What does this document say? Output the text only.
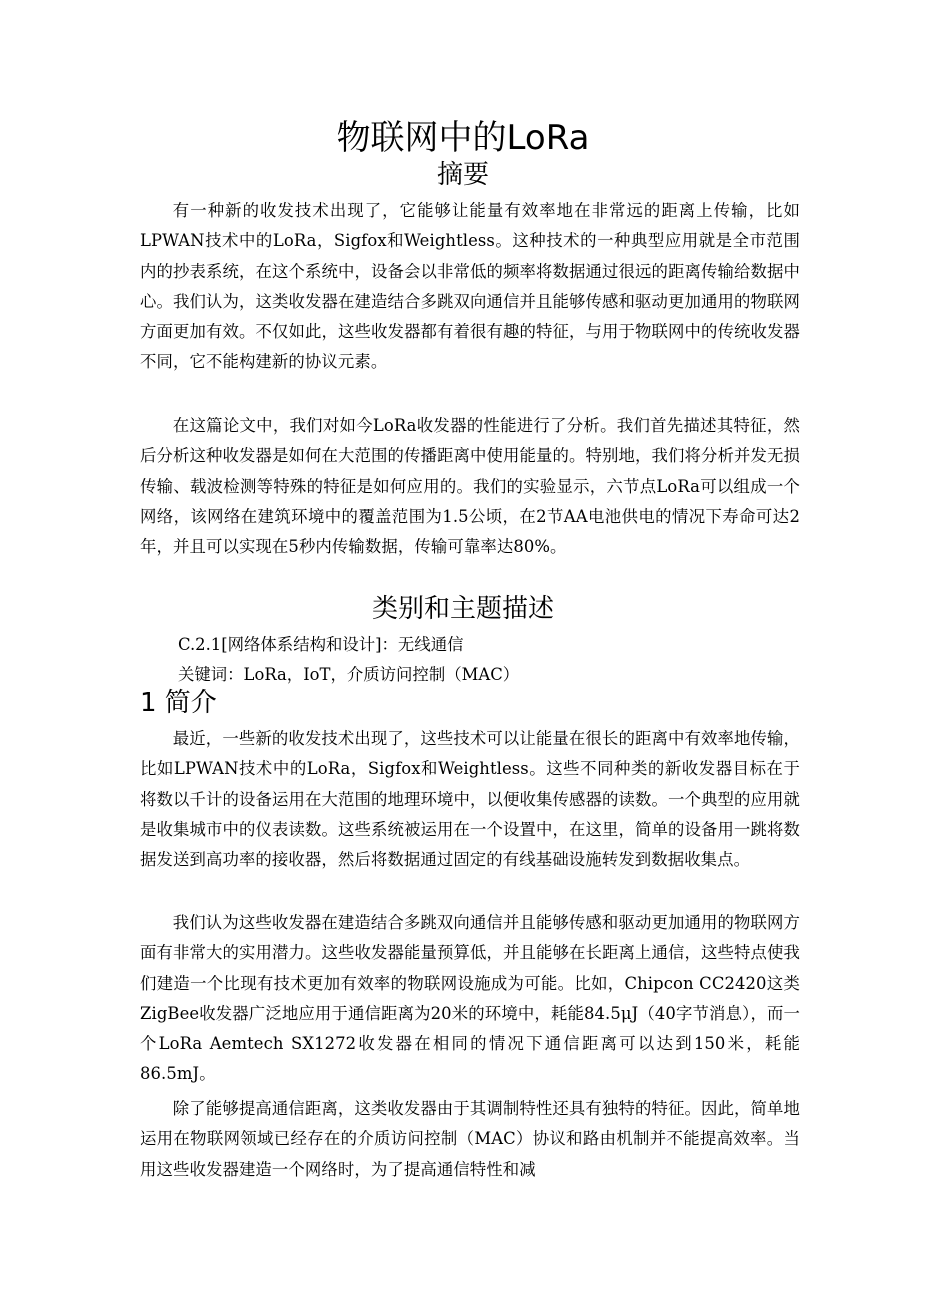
物联网中的LoRa
摘要

有一种新的收发技术出现了，它能够让能量有效率地在非常远的距离上传输，比如LPWAN技术中的LoRa，Sigfox和Weightless。这种技术的一种典型应用就是全市范围内的抄表系统，在这个系统中，设备会以非常低的频率将数据通过很远的距离传输给数据中心。我们认为，这类收发器在建造结合多跳双向通信并且能够传感和驱动更加通用的物联网方面更加有效。不仅如此，这些收发器都有着很有趣的特征，与用于物联网中的传统收发器不同，它不能构建新的协议元素。

在这篇论文中，我们对如今LoRa收发器的性能进行了分析。我们首先描述其特征，然后分析这种收发器是如何在大范围的传播距离中使用能量的。特别地，我们将分析并发无损传输、载波检测等特殊的特征是如何应用的。我们的实验显示，六节点LoRa可以组成一个网络，该网络在建筑环境中的覆盖范围为1.5公顷，在2节AA电池供电的情况下寿命可达2年，并且可以实现在5秒内传输数据，传输可靠率达80%。

类别和主题描述
C.2.1[网络体系结构和设计]：无线通信
关键词：LoRa，IoT，介质访问控制（MAC）
1 简介

最近，一些新的收发技术出现了，这些技术可以让能量在很长的距离中有效率地传输，比如LPWAN技术中的LoRa，Sigfox和Weightless。这些不同种类的新收发器目标在于将数以千计的设备运用在大范围的地理环境中，以便收集传感器的读数。一个典型的应用就是收集城市中的仪表读数。这些系统被运用在一个设置中，在这里，简单的设备用一跳将数据发送到高功率的接收器，然后将数据通过固定的有线基础设施转发到数据收集点。

我们认为这些收发器在建造结合多跳双向通信并且能够传感和驱动更加通用的物联网方面有非常大的实用潜力。这些收发器能量预算低，并且能够在长距离上通信，这些特点使我们建造一个比现有技术更加有效率的物联网设施成为可能。比如，Chipcon CC2420这类ZigBee收发器广泛地应用于通信距离为20米的环境中，耗能84.5μJ（40字节消息），而一个LoRa Aemtech SX1272收发器在相同的情况下通信距离可以达到150米，耗能86.5mJ。

除了能够提高通信距离，这类收发器由于其调制特性还具有独特的特征。因此，简单地运用在物联网领域已经存在的介质访问控制（MAC）协议和路由机制并不能提高效率。当用这些收发器建造一个网络时，为了提高通信特性和减
